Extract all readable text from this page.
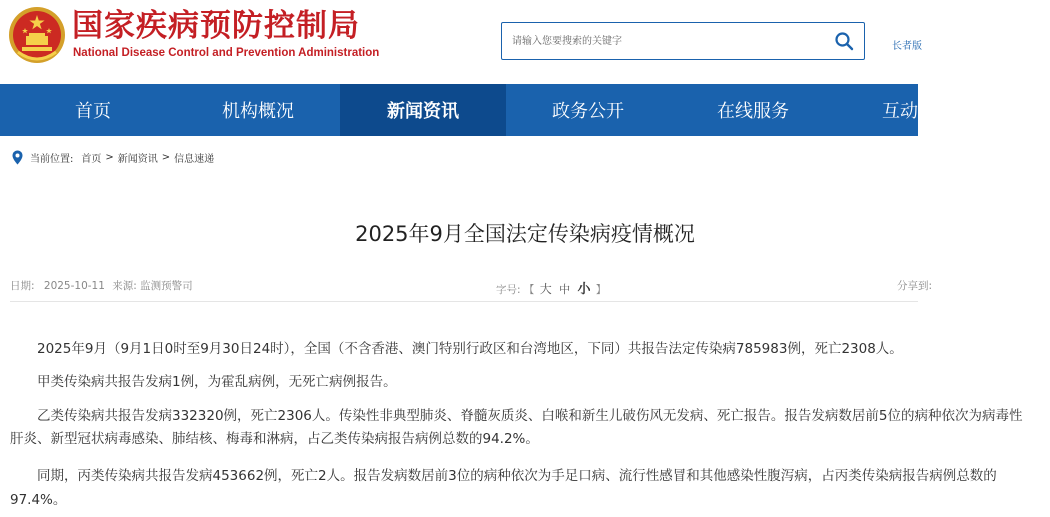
国家疾病预防控制局
National Disease Control and Prevention Administration
请输入您要搜索的关键字
长者版
首页	机构概况	新闻资讯	政务公开	在线服务	互动交流
当前位置: 首页 > 新闻资讯 > 信息速递
2025年9月全国法定传染病疫情概况
日期: 2025-10-11 来源: 监测预警司	字号: 【 大 中 小 】	分享到:
2025年9月（9月1日0时至9月30日24时），全国（不含香港、澳门特别行政区和台湾地区，下同）共报告法定传染病785983例，死亡2308人。
甲类传染病共报告发病1例，为霍乱病例，无死亡病例报告。
乙类传染病共报告发病332320例，死亡2306人。传染性非典型肺炎、脊髓灰质炎、白喉和新生儿破伤风无发病、死亡报告。报告发病数居前5位的病种依次为病毒性
肝炎、新型冠状病毒感染、肺结核、梅毒和淋病，占乙类传染病报告病例总数的94.2%。
同期，丙类传染病共报告发病453662例，死亡2人。报告发病数居前3位的病种依次为手足口病、流行性感冒和其他感染性腹泻病，占丙类传染病报告病例总数的
97.4%。
